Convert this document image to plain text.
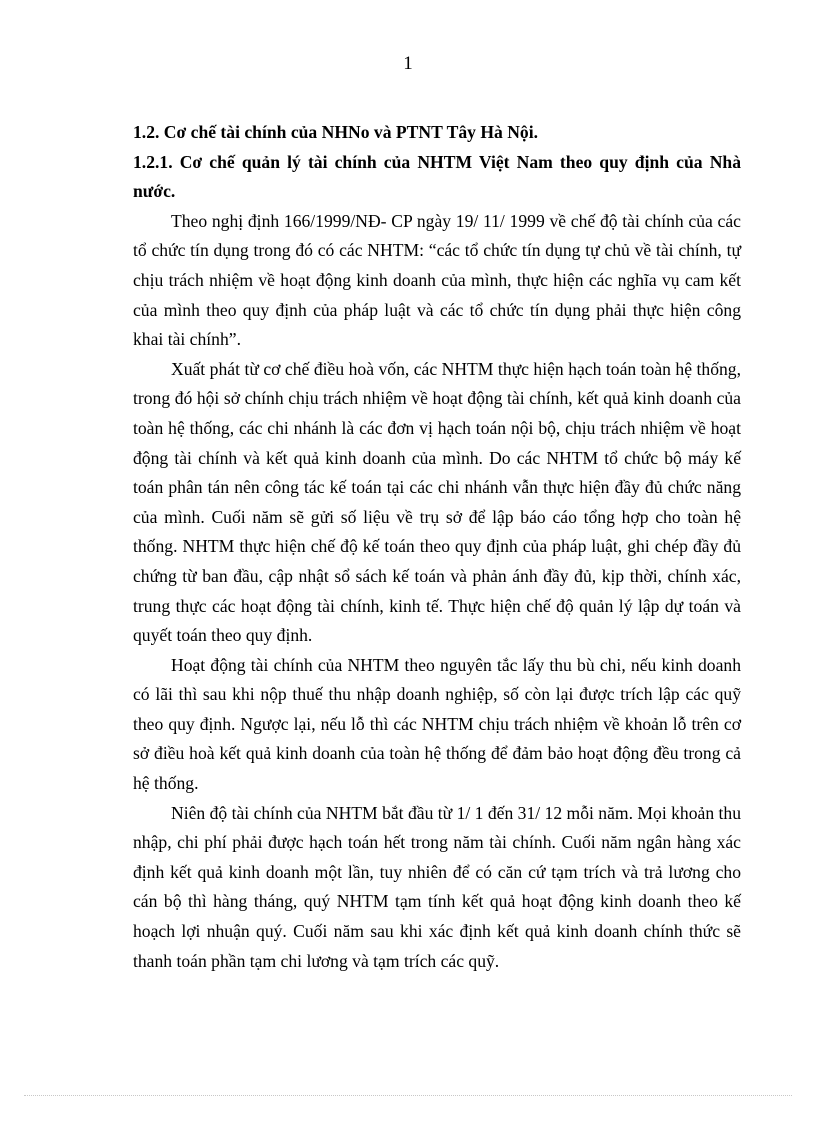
1

1.2. Cơ chế tài chính của NHNo và PTNT Tây Hà Nội.

1.2.1. Cơ chế quản lý tài chính của NHTM Việt Nam theo quy định của Nhà nước.

Theo nghị định 166/1999/NĐ- CP ngày 19/ 11/ 1999 về chế độ tài chính của các tổ chức tín dụng trong đó có các NHTM: “các tổ chức tín dụng tự chủ về tài chính, tự chịu trách nhiệm về hoạt động kinh doanh của mình, thực hiện các nghĩa vụ cam kết của mình theo quy định của pháp luật và các tổ chức tín dụng phải thực hiện công khai tài chính”.

Xuất phát từ cơ chế điều hoà vốn, các NHTM thực hiện hạch toán toàn hệ thống, trong đó hội sở chính chịu trách nhiệm về hoạt động tài chính, kết quả kinh doanh của toàn hệ thống, các chi nhánh là các đơn vị hạch toán nội bộ, chịu trách nhiệm về hoạt động tài chính và kết quả kinh doanh của mình. Do các NHTM tổ chức bộ máy kế toán phân tán nên công tác kế toán tại các chi nhánh vẫn thực hiện đầy đủ chức năng của mình. Cuối năm sẽ gửi số liệu về trụ sở để lập báo cáo tổng hợp cho toàn hệ thống. NHTM thực hiện chế độ kế toán theo quy định của pháp luật, ghi chép đầy đủ chứng từ ban đầu, cập nhật sổ sách kế toán và phản ánh đầy đủ, kịp thời, chính xác, trung thực các hoạt động tài chính, kinh tế. Thực hiện chế độ quản lý lập dự toán và quyết toán theo quy định.

Hoạt động tài chính của NHTM theo nguyên tắc lấy thu bù chi, nếu kinh doanh có lãi thì sau khi nộp thuế thu nhập doanh nghiệp, số còn lại được trích lập các quỹ theo quy định. Ngược lại, nếu lỗ thì các NHTM chịu trách nhiệm về khoản lỗ trên cơ sở điều hoà kết quả kinh doanh của toàn hệ thống để đảm bảo hoạt động đều trong cả hệ thống.

Niên độ tài chính của NHTM bắt đầu từ 1/ 1 đến 31/ 12 mỗi năm. Mọi khoản thu nhập, chi phí phải được hạch toán hết trong năm tài chính. Cuối năm ngân hàng xác định kết quả kinh doanh một lần, tuy nhiên để có căn cứ tạm trích và trả lương cho cán bộ thì hàng tháng, quý NHTM tạm tính kết quả hoạt động kinh doanh theo kế hoạch lợi nhuận quý. Cuối năm sau khi xác định kết quả kinh doanh chính thức sẽ thanh toán phần tạm chi lương và tạm trích các quỹ.
